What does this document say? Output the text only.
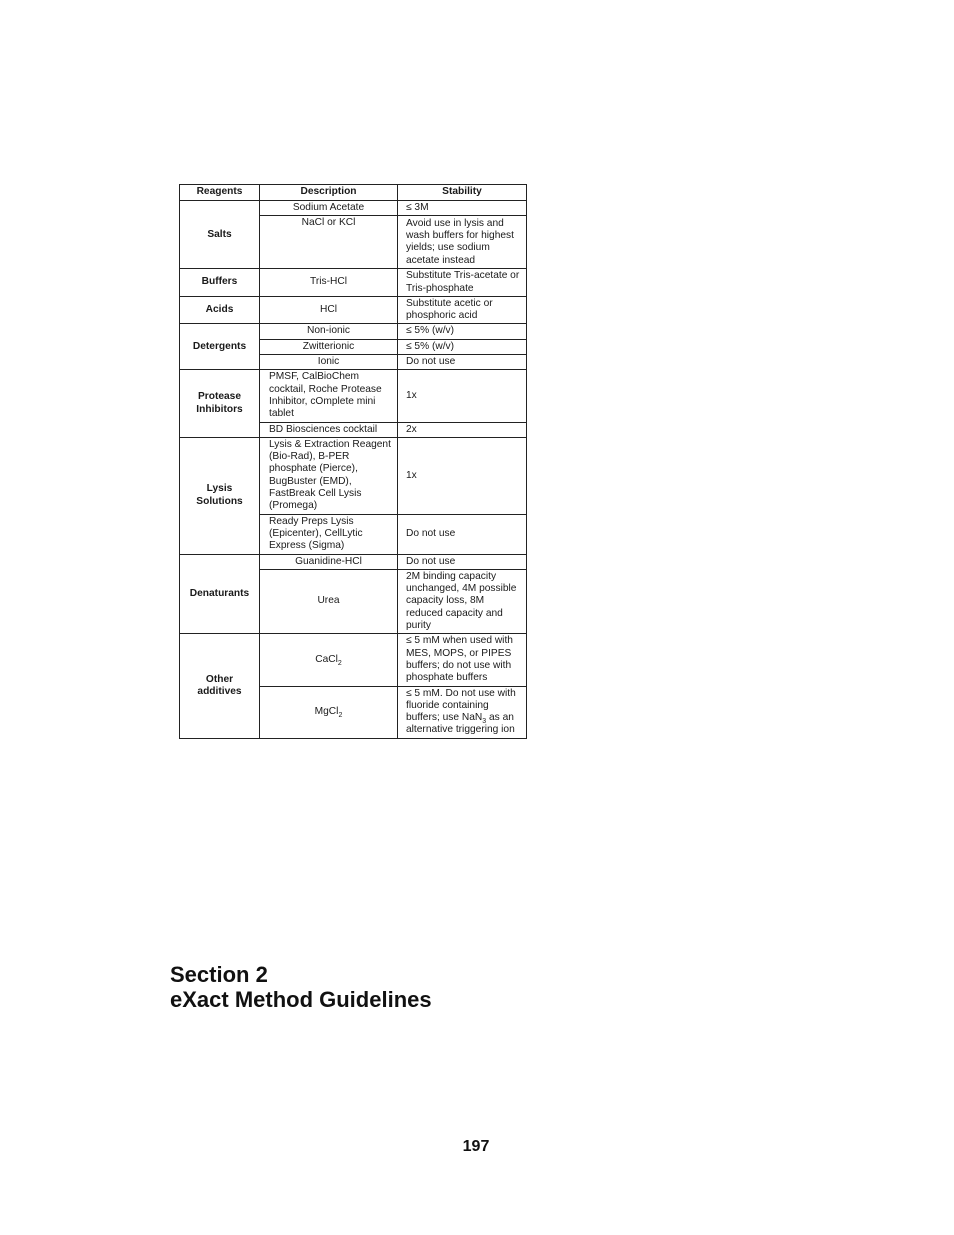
Reagents	Description	Stability
Salts	Sodium Acetate	≤ 3M
	NaCl or KCl	Avoid use in lysis and wash buffers for highest yields; use sodium acetate instead
Buffers	Tris-HCl	Substitute Tris-acetate or Tris-phosphate
Acids	HCl	Substitute acetic or phosphoric acid
Detergents	Non-ionic	≤ 5% (w/v)
	Zwitterionic	≤ 5% (w/v)
	Ionic	Do not use
Protease Inhibitors	PMSF, CalBioChem cocktail, Roche Protease Inhibitor, cOmplete mini tablet	1x
	BD Biosciences cocktail	2x
Lysis Solutions	Lysis & Extraction Reagent (Bio-Rad), B-PER phosphate (Pierce), BugBuster (EMD), FastBreak Cell Lysis (Promega)	1x
	Ready Preps Lysis (Epicenter), CellLytic Express (Sigma)	Do not use
Denaturants	Guanidine-HCl	Do not use
	Urea	2M binding capacity unchanged, 4M possible capacity loss, 8M reduced capacity and purity
Other additives	CaCl$_2$	≤ 5 mM when used with MES, MOPS, or PIPES buffers; do not use with phosphate buffers
	MgCl$_2$	≤ 5 mM. Do not use with fluoride containing buffers; use NaN$_3$ as an alternative triggering ion
Section 2
eXact Method Guidelines
197
